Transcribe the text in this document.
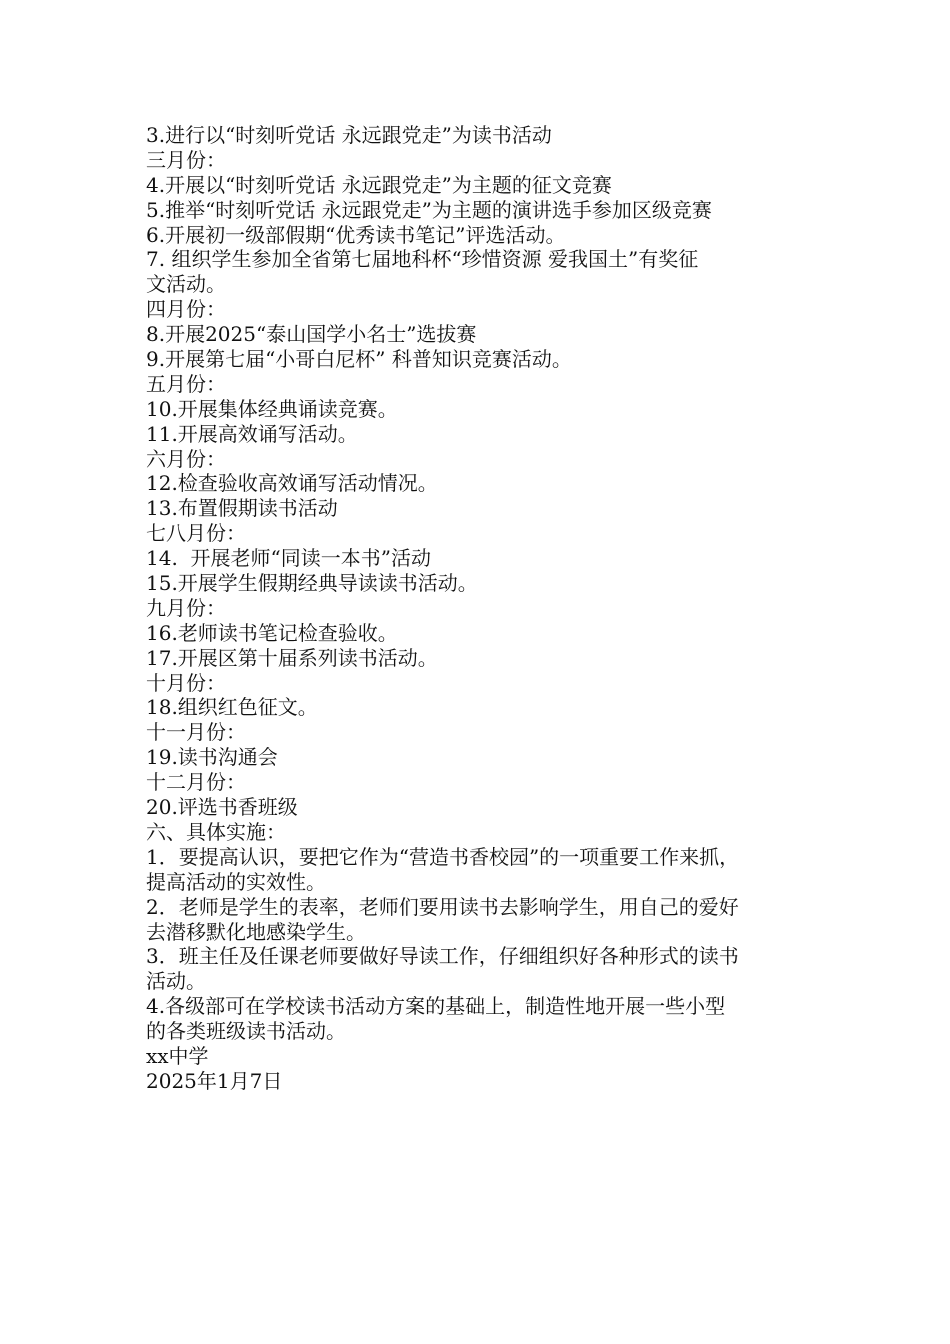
3.进行以“时刻听党话 永远跟党走”为读书活动
三月份：
4.开展以“时刻听党话 永远跟党走”为主题的征文竞赛
5.推举“时刻听党话 永远跟党走”为主题的演讲选手参加区级竞赛
6.开展初一级部假期“优秀读书笔记”评选活动。
7. 组织学生参加全省第七届地科杯“珍惜资源 爱我国土”有奖征
文活动。
四月份：
8.开展2025“泰山国学小名士”选拔赛
9.开展第七届“小哥白尼杯” 科普知识竞赛活动。
五月份：
10.开展集体经典诵读竞赛。
11.开展高效诵写活动。
六月份：
12.检查验收高效诵写活动情况。
13.布置假期读书活动
七八月份：
14.  开展老师“同读一本书”活动
15.开展学生假期经典导读读书活动。
九月份：
16.老师读书笔记检查验收。
17.开展区第十届系列读书活动。
十月份：
18.组织红色征文。
十一月份：
19.读书沟通会
十二月份：
20.评选书香班级
六、具体实施：
1．要提高认识，要把它作为“营造书香校园”的一项重要工作来抓，
提高活动的实效性。
2．老师是学生的表率，老师们要用读书去影响学生，用自己的爱好
去潜移默化地感染学生。
3．班主任及任课老师要做好导读工作，仔细组织好各种形式的读书
活动。
4.各级部可在学校读书活动方案的基础上，制造性地开展一些小型
的各类班级读书活动。
xx中学
2025年1月7日
